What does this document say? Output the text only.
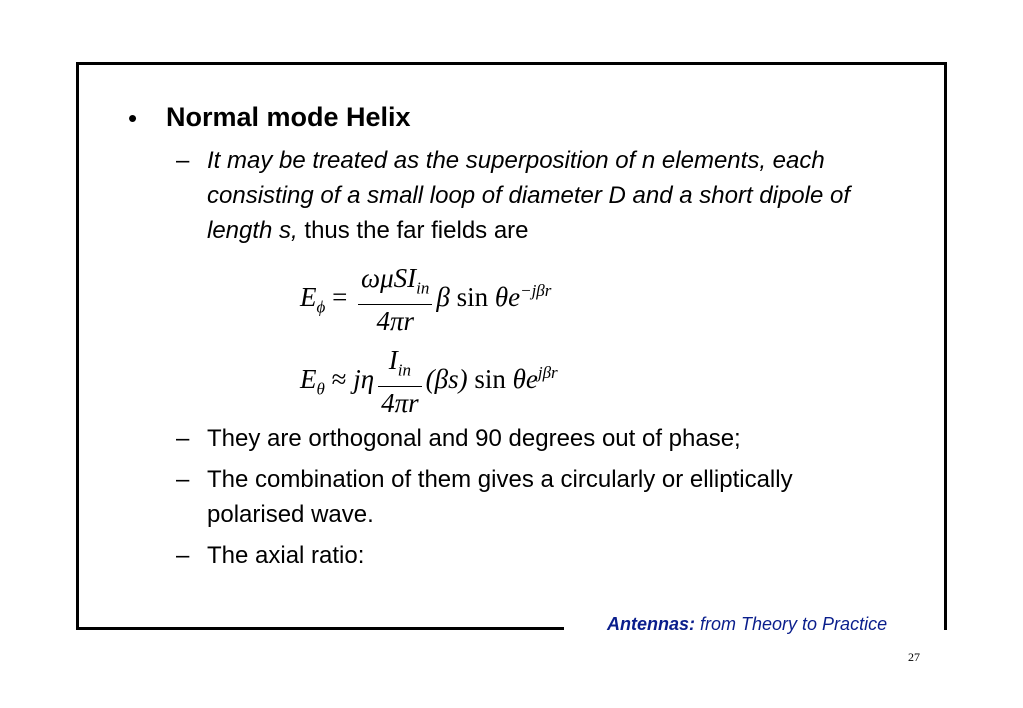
• Normal mode Helix
– It may be treated as the superposition of n elements, each consisting of a small loop of diameter D and a short dipole of length s, thus the far fields are
$E_\phi = \frac{\omega\mu SI_{in}}{4\pi r}$ β $\sin \theta e^{-j\beta r}$
$E_\theta \approx j\eta \frac{I_{in}}{4\pi r} (\beta s)$ $\sin \theta e^{j\beta r}$
– They are orthogonal and 90 degrees out of phase;
– The combination of them gives a circularly or elliptically polarised wave.
– The axial ratio:
Antennas: from Theory to Practice
27
